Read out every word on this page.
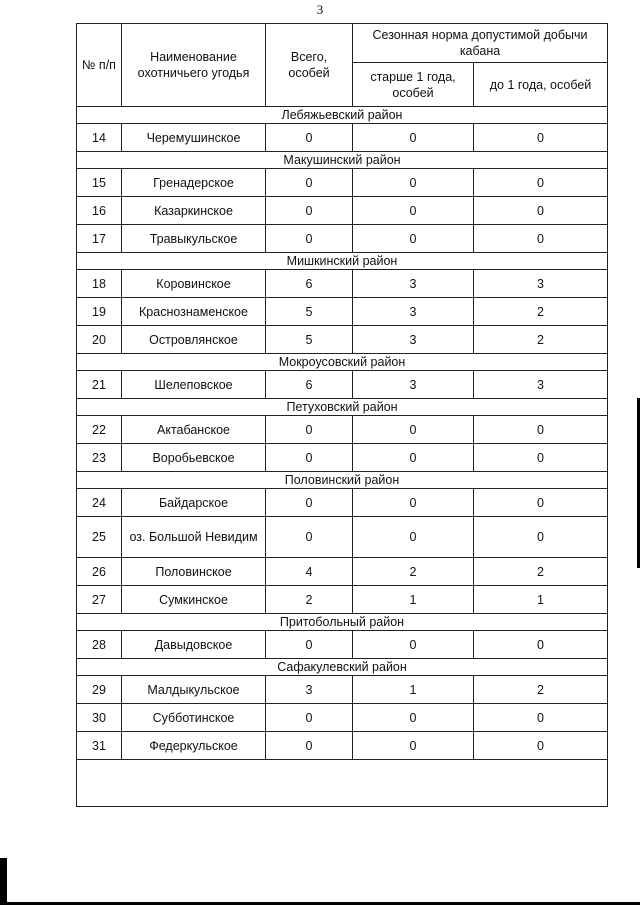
3
№ п/п	Наименование охотничьего угодья	Всего, особей	Сезонная норма допустимой добычи кабана	
			старше 1 года, особей	до 1 года, особей
Лебяжьевский район				
14	Черемушинское	0	0	0
Макушинский район				
15	Гренадерское	0	0	0
16	Казаркинское	0	0	0
17	Травыкульское	0	0	0
Мишкинский район				
18	Коровинское	6	3	3
19	Краснознаменское	5	3	2
20	Островлянское	5	3	2
Мокроусовский район				
21	Шелеповское	6	3	3
Петуховский район				
22	Актабанское	0	0	0
23	Воробьевское	0	0	0
Половинский район				
24	Байдарское	0	0	0
25	оз. Большой Невидим	0	0	0
26	Половинское	4	2	2
27	Сумкинское	2	1	1
Притобольный район				
28	Давыдовское	0	0	0
Сафакулевский район				
29	Малдыкульское	3	1	2
30	Субботинское	0	0	0
31	Федеркульское	0	0	0
